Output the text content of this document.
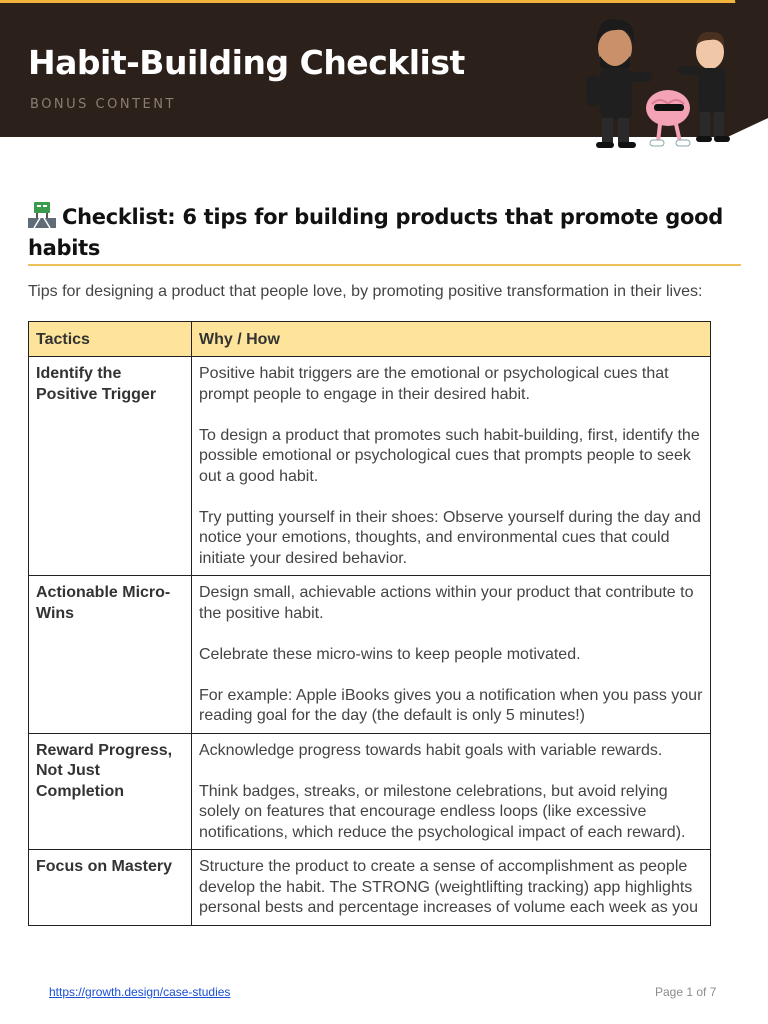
Habit-Building Checklist
BONUS CONTENT
Checklist: 6 tips for building products that promote good habits

Tips for designing a product that people love, by promoting positive transformation in their lives:

Tactics	Why / How
Identify the Positive Trigger	Positive habit triggers are the emotional or psychological cues that prompt people to engage in their desired habit.

To design a product that promotes such habit-building, first, identify the possible emotional or psychological cues that prompts people to seek out a good habit.

Try putting yourself in their shoes: Observe yourself during the day and notice your emotions, thoughts, and environmental cues that could initiate your desired behavior.

Actionable Micro-Wins	Design small, achievable actions within your product that contribute to the positive habit.

Celebrate these micro-wins to keep people motivated.

For example: Apple iBooks gives you a notification when you pass your reading goal for the day (the default is only 5 minutes!)

Reward Progress, Not Just Completion	Acknowledge progress towards habit goals with variable rewards.

Think badges, streaks, or milestone celebrations, but avoid relying solely on features that encourage endless loops (like excessive notifications, which reduce the psychological impact of each reward).

Focus on Mastery	Structure the product to create a sense of accomplishment as people develop the habit. The STRONG (weightlifting tracking) app highlights personal bests and percentage increases of volume each week as you

https://growth.design/case-studies	Page 1 of 7
